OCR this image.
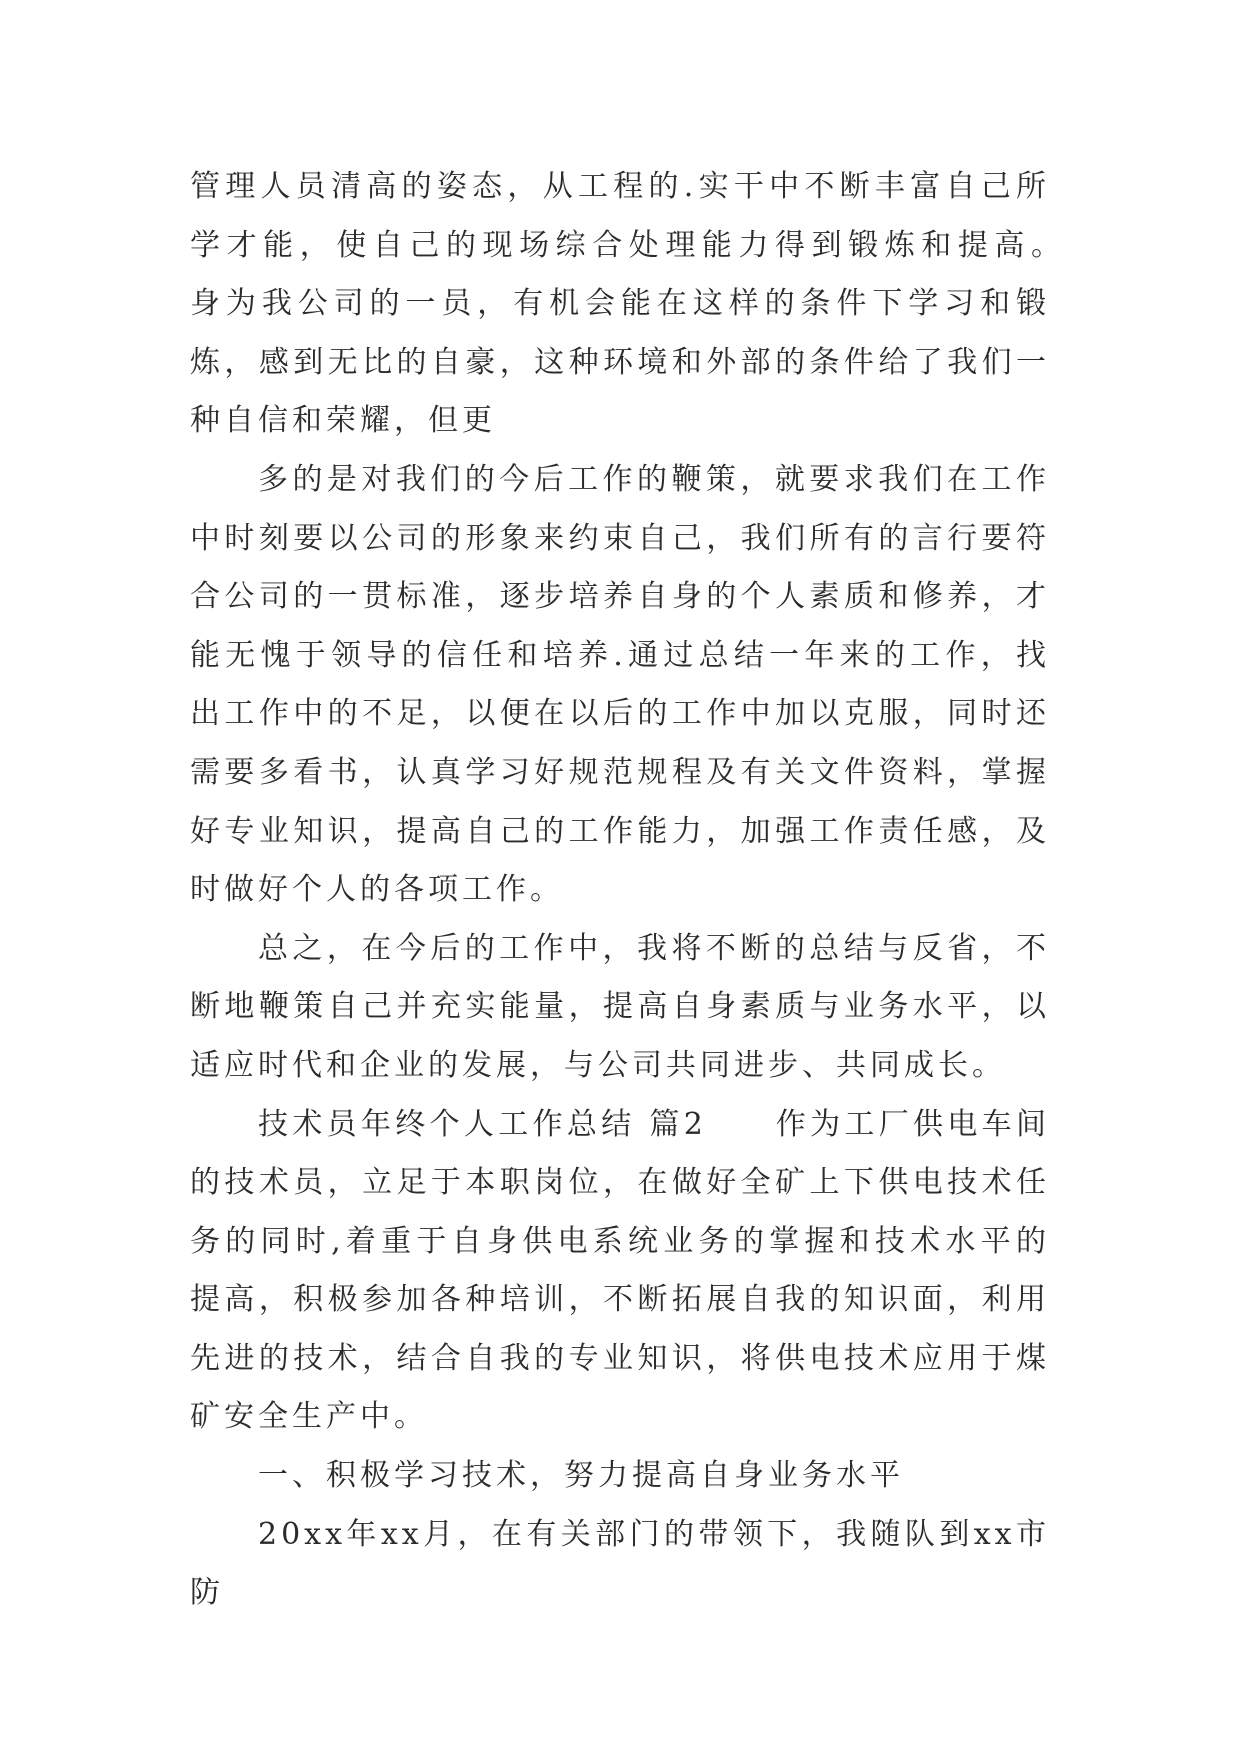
管理人员清高的姿态，从工程的.实干中不断丰富自己所学才能，使自己的现场综合处理能力得到锻炼和提高。　身为我公司的一员，有机会能在这样的条件下学习和锻炼，感到无比的自豪，这种环境和外部的条件给了我们一种自信和荣耀，但更

多的是对我们的今后工作的鞭策，就要求我们在工作中时刻要以公司的形象来约束自己，我们所有的言行要符合公司的一贯标准，逐步培养自身的个人素质和修养，才能无愧于领导的信任和培养.通过总结一年来的工作，找出工作中的不足，以便在以后的工作中加以克服，同时还需要多看书，认真学习好规范规程及有关文件资料，掌握好专业知识，提高自己的工作能力，加强工作责任感，及时做好个人的各项工作。

总之，在今后的工作中，我将不断的总结与反省，不断地鞭策自己并充实能量，提高自身素质与业务水平，以适应时代和企业的发展，与公司共同进步、共同成长。

技术员年终个人工作总结 篇2　　作为工厂供电车间的技术员，立足于本职岗位，在做好全矿上下供电技术任务的同时,着重于自身供电系统业务的掌握和技术水平的提高，积极参加各种培训，不断拓展自我的知识面，利用先进的技术，结合自我的专业知识，将供电技术应用于煤矿安全生产中。

一、积极学习技术，努力提高自身业务水平

20xx年xx月，在有关部门的带领下，我随队到xx市防
